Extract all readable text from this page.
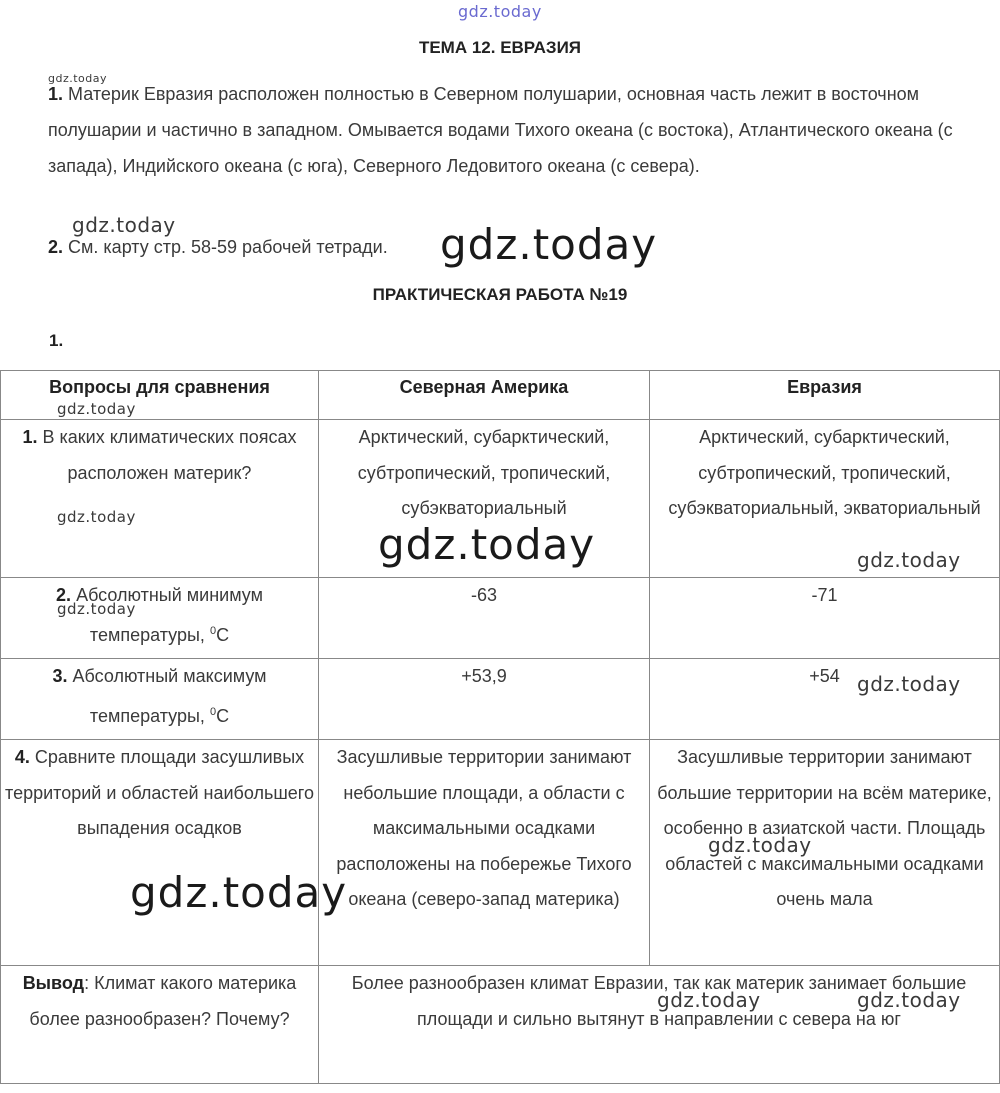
gdz.today
gdz.today
gdz.today	gdz.today
ТЕМА 12. ЕВРАЗИЯ
1. Материк Евразия расположен полностью в Северном полушарии, основная часть лежит в восточном полушарии и частично в западном. Омывается водами Тихого океана (с востока), Атлантического океана (с запада), Индийского океана (с юга), Северного Ледовитого океана (с севера).
2. См. карту стр. 58-59 рабочей тетради.
ПРАКТИЧЕСКАЯ РАБОТА №19
1.
Вопросы для сравнения	Северная Америка	Евразия
1. В каких климатических поясах расположен материк?	Арктический, субарктический, субтропический, тропический, субэкваториальный	Арктический, субарктический, субтропический, тропический, субэкваториальный, экваториальный
2. Абсолютный минимум температуры, $^0$C	-63	-71
3. Абсолютный максимум температуры, $^0$C	+53,9	+54
4. Сравните площади засушливых территорий и областей наибольшего выпадения осадков	Засушливые территории занимают небольшие площади, а области с максимальными осадками расположены на побережье Тихого океана (северо-запад материка)	Засушливые территории занимают большие территории на всём материке, особенно в азиатской части. Площадь областей с максимальными осадками очень мала
Вывод: Климат какого материка более разнообразен? Почему?	Более разнообразен климат Евразии, так как материк занимает большие площади и сильно вытянут в направлении с севера на юг	
gdz.today
gdz.today
gdz.today	gdz.today
gdz.today
gdz.today
gdz.today
gdz.today
gdz.today	gdz.today
